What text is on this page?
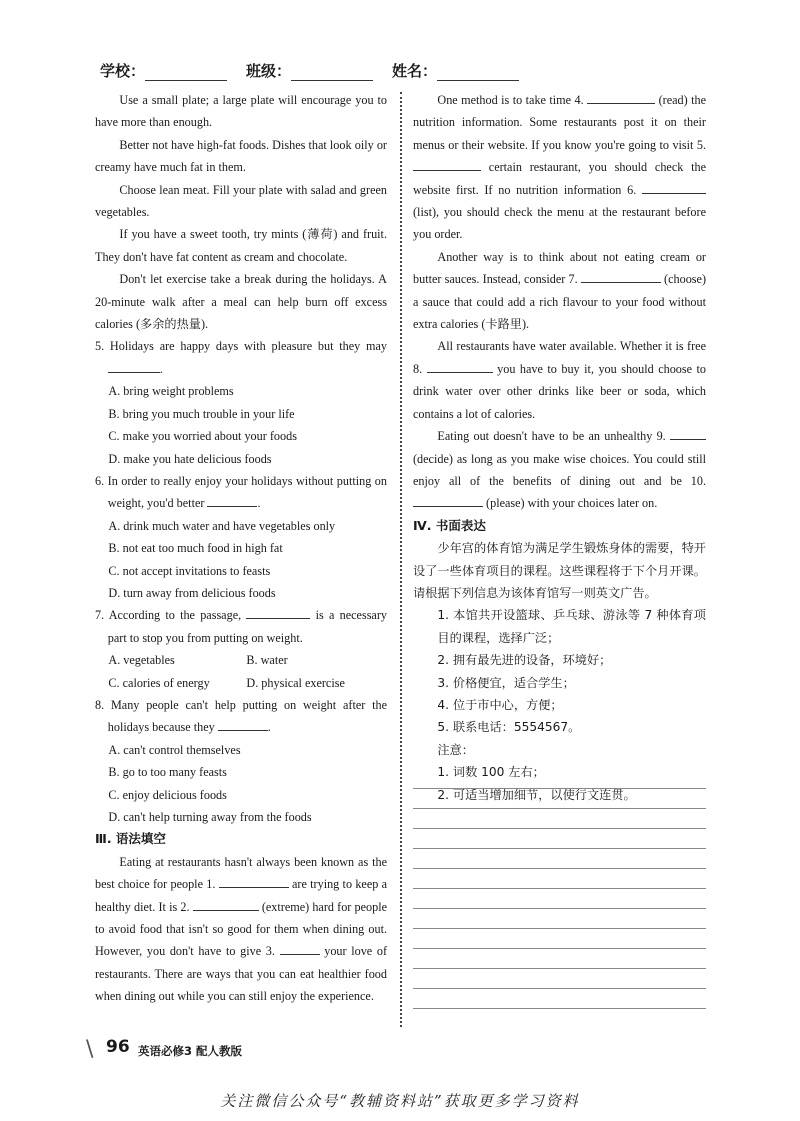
学校：	班级：	姓名：

Use a small plate; a large plate will encourage you to have more than enough.

Better not have high-fat foods. Dishes that look oily or creamy have much fat in them.

Choose lean meat. Fill your plate with salad and green vegetables.

If you have a sweet tooth, try mints (薄荷) and fruit. They don't have fat content as cream and chocolate.

Don't let exercise take a break during the holidays. A 20-minute walk after a meal can help burn off excess calories (多余的热量).

5. Holidays are happy days with pleasure but they may .

A. bring weight problems

B. bring you much trouble in your life

C. make you worried about your foods

D. make you hate delicious foods

6. In order to really enjoy your holidays without putting on weight, you'd better	.

A. drink much water and have vegetables only

B. not eat too much food in high fat

C. not accept invitations to feasts

D. turn away from delicious foods

7. According to the passage,	is a necessary part to stop you from putting on weight.

A. vegetables	B. water

C. calories of energy	D. physical exercise

8. Many people can't help putting on weight after the holidays because they	.

A. can't control themselves

B. go to too many feasts

C. enjoy delicious foods

D. can't help turning away from the foods

Ⅲ. 语法填空

Eating at restaurants hasn't always been known as the best choice for people 1.	are trying to keep a healthy diet. It is 2.	(extreme) hard for people to avoid food that isn't so good for them when dining out. However, you don't have to give 3.	your love of restaurants. There are ways that you can eat healthier food when dining out while you can still enjoy the experience.

One method is to take time 4.	(read) the nutrition information. Some restaurants post it on their menus or their website. If you know you're going to visit 5.  certain restaurant, you should check the website first. If no nutrition information 6.  (list), you should check the menu at the restaurant before you order.

Another way is to think about not eating cream or butter sauces. Instead, consider 7.	(choose) a sauce that could add a rich flavour to your food without extra calories (卡路里).

All restaurants have water available. Whether it is free 8.	you have to buy it, you should choose to drink water over other drinks like beer or soda, which contains a lot of calories.

Eating out doesn't have to be an unhealthy 9.  (decide) as long as you make wise choices. You could still enjoy all of the benefits of dining out and be 10.  (please) with your choices later on.

Ⅳ. 书面表达

少年宫的体育馆为满足学生锻炼身体的需要，特开设了一些体育项目的课程。这些课程将于下个月开课。请根据下列信息为该体育馆写一则英文广告。

1. 本馆共开设篮球、乒乓球、游泳等 7 种体育项目的课程，选择广泛；

2. 拥有最先进的设备，环境好；

3. 价格便宜，适合学生；

4. 位于市中心，方便；

5. 联系电话：5554567。

注意：

1. 词数 100 左右；

2. 可适当增加细节，以使行文连贯。

\ 96 英语必修3 配人教版
关注微信公众号“教辅资料站”获取更多学习资料
